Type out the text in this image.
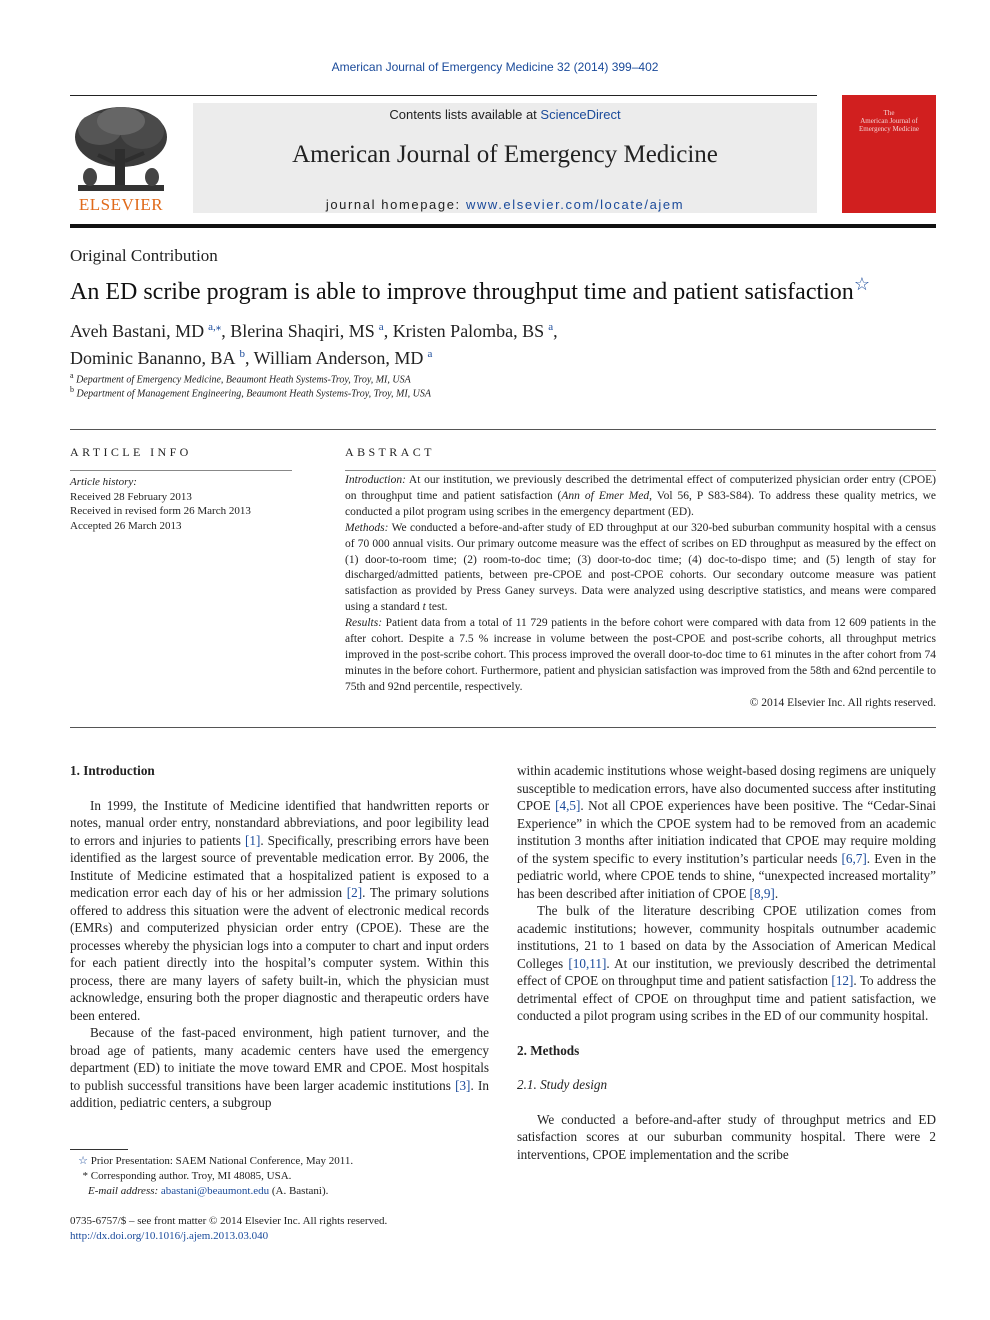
American Journal of Emergency Medicine 32 (2014) 399–402
ELSEVIER
Contents lists available at ScienceDirect
American Journal of Emergency Medicine
journal homepage: www.elsevier.com/locate/ajem
The
American Journal of
Emergency Medicine
Original Contribution
An ED scribe program is able to improve throughput time and patient satisfaction☆
Aveh Bastani, MD $^{a,⁎}$, Blerina Shaqiri, MS $^a$, Kristen Palomba, BS $^a$,
Dominic Bananno, BA $^b$, William Anderson, MD $^a$
$^a$ Department of Emergency Medicine, Beaumont Heath Systems-Troy, Troy, MI, USA
$^b$ Department of Management Engineering, Beaumont Heath Systems-Troy, Troy, MI, USA
ARTICLE INFO
Article history:
Received 28 February 2013
Received in revised form 26 March 2013
Accepted 26 March 2013
ABSTRACT

Introduction: At our institution, we previously described the detrimental effect of computerized physician order entry (CPOE) on throughput time and patient satisfaction (Ann of Emer Med, Vol 56, P S83-S84). To address these quality metrics, we conducted a pilot program using scribes in the emergency department (ED).

Methods: We conducted a before-and-after study of ED throughput at our 320-bed suburban community hospital with a census of 70 000 annual visits. Our primary outcome measure was the effect of scribes on ED throughput as measured by the effect on (1) door-to-room time; (2) room-to-doc time; (3) door-to-doc time; (4) doc-to-dispo time; and (5) length of stay for discharged/admitted patients, between pre-CPOE and post-CPOE cohorts. Our secondary outcome measure was patient satisfaction as provided by Press Ganey surveys. Data were analyzed using descriptive statistics, and means were compared using a standard t test.

Results: Patient data from a total of 11 729 patients in the before cohort were compared with data from 12 609 patients in the after cohort. Despite a 7.5 % increase in volume between the post-CPOE and post-scribe cohorts, all throughput metrics improved in the post-scribe cohort. This process improved the overall door-to-doc time to 61 minutes in the after cohort from 74 minutes in the before cohort. Furthermore, patient and physician satisfaction was improved from the 58th and 62nd percentile to 75th and 92nd percentile, respectively.

© 2014 Elsevier Inc. All rights reserved.

1. Introduction

In 1999, the Institute of Medicine identified that handwritten reports or notes, manual order entry, nonstandard abbreviations, and poor legibility lead to errors and injuries to patients [1]. Specifically, prescribing errors have been identified as the largest source of preventable medication error. By 2006, the Institute of Medicine estimated that a hospitalized patient is exposed to a medication error each day of his or her admission [2]. The primary solutions offered to address this situation were the advent of electronic medical records (EMRs) and computerized physician order entry (CPOE). These are the processes whereby the physician logs into a computer to chart and input orders for each patient directly into the hospital’s computer system. Within this process, there are many layers of safety built-in, which the physician must acknowledge, ensuring both the proper diagnostic and therapeutic orders have been entered.

Because of the fast-paced environment, high patient turnover, and the broad age of patients, many academic centers have used the emergency department (ED) to initiate the move toward EMR and CPOE. Most hospitals to publish successful transitions have been larger academic institutions [3]. In addition, pediatric centers, a subgroup

within academic institutions whose weight-based dosing regimens are uniquely susceptible to medication errors, have also documented success after instituting CPOE [4,5]. Not all CPOE experiences have been positive. The “Cedar-Sinai Experience” in which the CPOE system had to be removed from an academic institution 3 months after initiation indicated that CPOE may require molding of the system specific to every institution’s particular needs [6,7]. Even in the pediatric world, where CPOE tends to shine, “unexpected increased mortality” has been described after initiation of CPOE [8,9].

The bulk of the literature describing CPOE utilization comes from academic institutions; however, community hospitals outnumber academic institutions, 21 to 1 based on data by the Association of American Medical Colleges [10,11]. At our institution, we previously described the detrimental effect of CPOE on throughput time and patient satisfaction [12]. To address the detrimental effect of CPOE on throughput time and patient satisfaction, we conducted a pilot program using scribes in the ED of our community hospital.

2. Methods
2.1. Study design

We conducted a before-and-after study of throughput metrics and ED satisfaction scores at our suburban community hospital. There were 2 interventions, CPOE implementation and the scribe

☆ Prior Presentation: SAEM National Conference, May 2011.
* Corresponding author. Troy, MI 48085, USA.
E-mail address: abastani@beaumont.edu (A. Bastani).
0735-6757/$ – see front matter © 2014 Elsevier Inc. All rights reserved.
http://dx.doi.org/10.1016/j.ajem.2013.03.040
